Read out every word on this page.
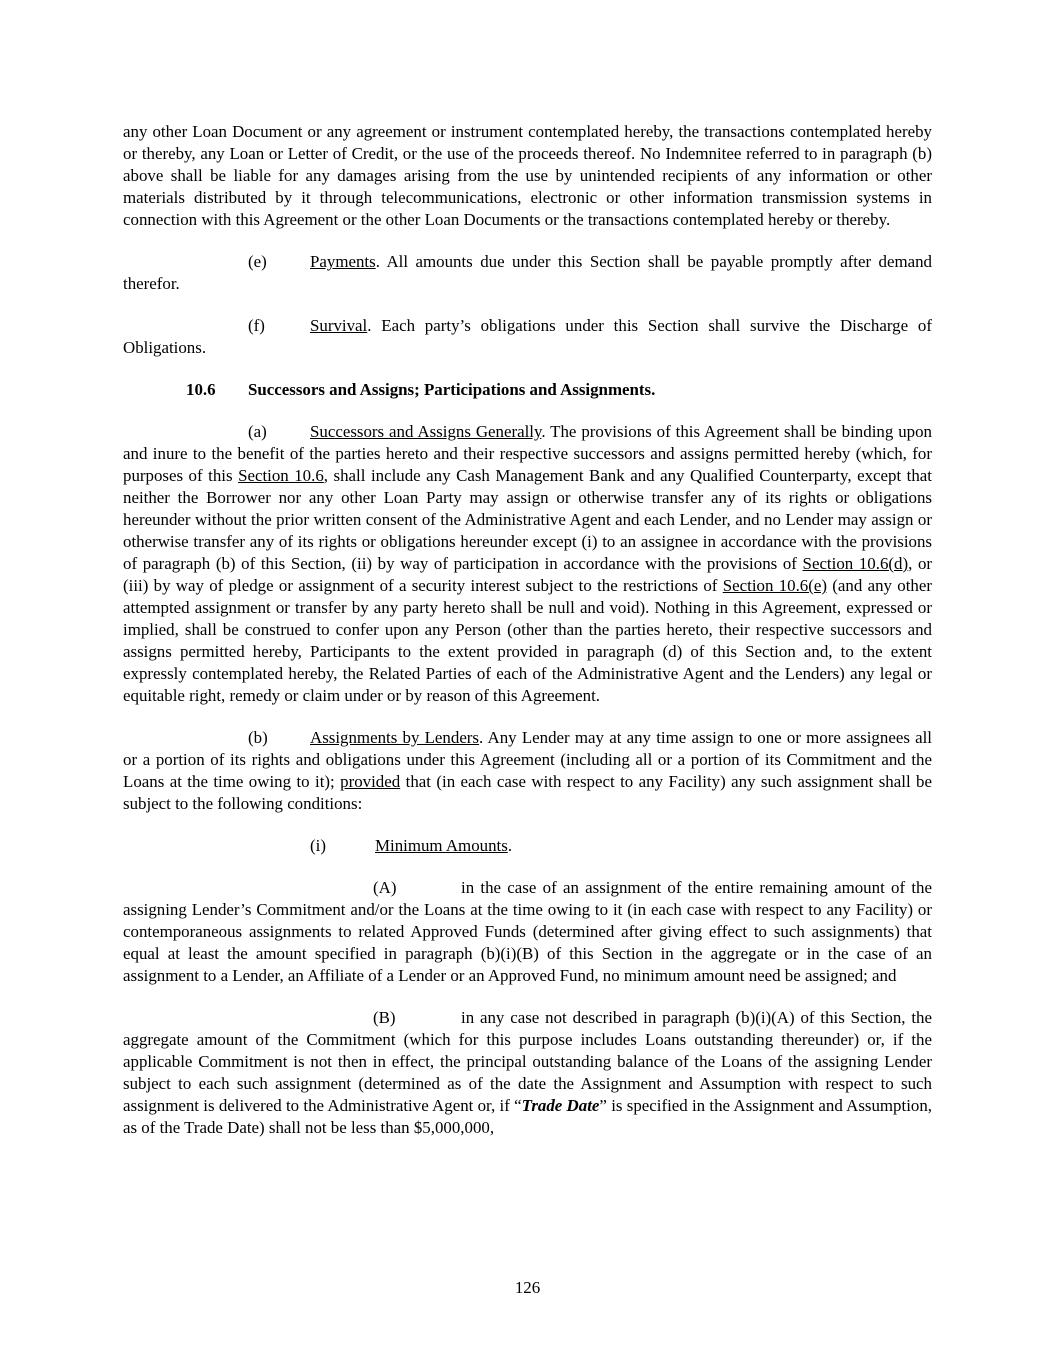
any other Loan Document or any agreement or instrument contemplated hereby, the transactions contemplated hereby or thereby, any Loan or Letter of Credit, or the use of the proceeds thereof. No Indemnitee referred to in paragraph (b) above shall be liable for any damages arising from the use by unintended recipients of any information or other materials distributed by it through telecommunications, electronic or other information transmission systems in connection with this Agreement or the other Loan Documents or the transactions contemplated hereby or thereby.

(e)	Payments. All amounts due under this Section shall be payable promptly after demand therefor.

(f)	Survival. Each party’s obligations under this Section shall survive the Discharge of Obligations.

10.6 Successors and Assigns; Participations and Assignments.

(a)	Successors and Assigns Generally. The provisions of this Agreement shall be binding upon and inure to the benefit of the parties hereto and their respective successors and assigns permitted hereby (which, for purposes of this Section 10.6, shall include any Cash Management Bank and any Qualified Counterparty, except that neither the Borrower nor any other Loan Party may assign or otherwise transfer any of its rights or obligations hereunder without the prior written consent of the Administrative Agent and each Lender, and no Lender may assign or otherwise transfer any of its rights or obligations hereunder except (i) to an assignee in accordance with the provisions of paragraph (b) of this Section, (ii) by way of participation in accordance with the provisions of Section 10.6(d), or (iii) by way of pledge or assignment of a security interest subject to the restrictions of Section 10.6(e) (and any other attempted assignment or transfer by any party hereto shall be null and void). Nothing in this Agreement, expressed or implied, shall be construed to confer upon any Person (other than the parties hereto, their respective successors and assigns permitted hereby, Participants to the extent provided in paragraph (d) of this Section and, to the extent expressly contemplated hereby, the Related Parties of each of the Administrative Agent and the Lenders) any legal or equitable right, remedy or claim under or by reason of this Agreement.

(b)	Assignments by Lenders. Any Lender may at any time assign to one or more assignees all or a portion of its rights and obligations under this Agreement (including all or a portion of its Commitment and the Loans at the time owing to it); provided that (in each case with respect to any Facility) any such assignment shall be subject to the following conditions:

(i)	Minimum Amounts.

(A)	in the case of an assignment of the entire remaining amount of the assigning Lender’s Commitment and/or the Loans at the time owing to it (in each case with respect to any Facility) or contemporaneous assignments to related Approved Funds (determined after giving effect to such assignments) that equal at least the amount specified in paragraph (b)(i)(B) of this Section in the aggregate or in the case of an assignment to a Lender, an Affiliate of a Lender or an Approved Fund, no minimum amount need be assigned; and

(B)	in any case not described in paragraph (b)(i)(A) of this Section, the aggregate amount of the Commitment (which for this purpose includes Loans outstanding thereunder) or, if the applicable Commitment is not then in effect, the principal outstanding balance of the Loans of the assigning Lender subject to each such assignment (determined as of the date the Assignment and Assumption with respect to such assignment is delivered to the Administrative Agent or, if “Trade Date” is specified in the Assignment and Assumption, as of the Trade Date) shall not be less than $5,000,000,

126
